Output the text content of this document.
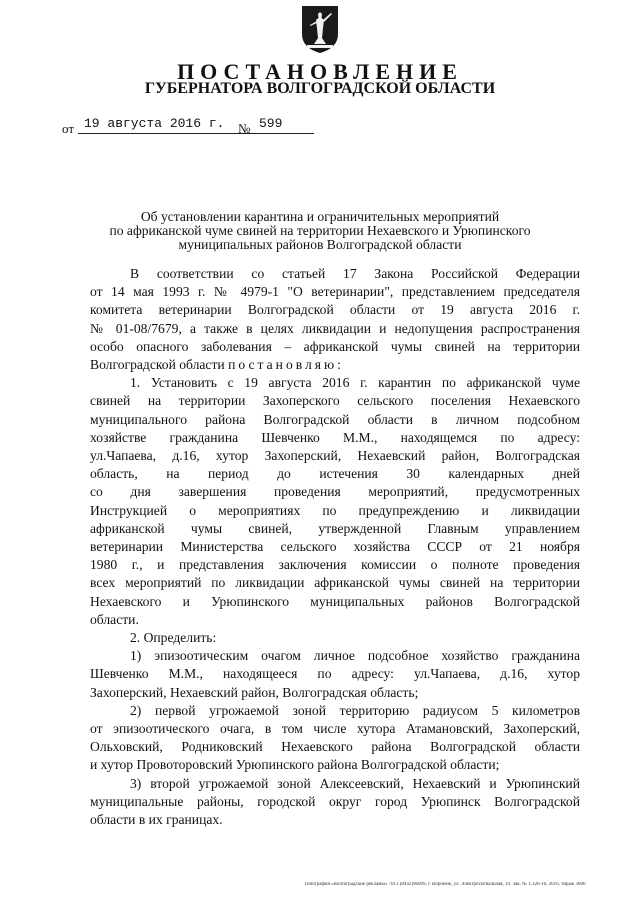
ПОСТАНОВЛЕНИЕ
ГУБЕРНАТОРА ВОЛГОГРАДСКОЙ ОБЛАСТИ
от 19 августа 2016 г. № 599
Об установлении карантина и ограничительных мероприятий
по африканской чуме свиней на территории Нехаевского и Урюпинского
муниципальных районов Волгоградской области
В соответствии со статьей 17 Закона Российской Федерации
от 14 мая 1993 г. № 4979-1 "О ветеринарии", представлением председателя
комитета ветеринарии Волгоградской области от 19 августа 2016 г.
№ 01-08/7679, а также в целях ликвидации и недопущения распространения
особо опасного заболевания – африканской чумы свиней на территории
Волгоградской области постановляю:
1. Установить с 19 августа 2016 г. карантин по африканской чуме
свиней на территории Захоперского сельского поселения Нехаевского
муниципального района Волгоградской области в личном подсобном
хозяйстве гражданина Шевченко М.М., находящемся по адресу:
ул.Чапаева, д.16, хутор Захоперский, Нехаевский район, Волгоградская
область, на период до истечения 30 календарных дней
со дня завершения проведения мероприятий, предусмотренных
Инструкцией о мероприятиях по предупреждению и ликвидации
африканской чумы свиней, утвержденной Главным управлением
ветеринарии Министерства сельского хозяйства СССР от 21 ноября
1980 г., и представления заключения комиссии о полноте проведения
всех мероприятий по ликвидации африканской чумы свиней на территории
Нехаевского и Урюпинского муниципальных районов Волгоградской
области.
2. Определить:
1) эпизоотическим очагом личное подсобное хозяйство гражданина
Шевченко М.М., находящееся по адресу: ул.Чапаева, д.16, хутор
Захоперский, Нехаевский район, Волгоградская область;
2) первой угрожаемой зоной территорию радиусом 5 километров
от эпизоотического очага, в том числе хутора Атамановский, Захоперский,
Ольховский, Родниковский Нехаевского района Волгоградской области
и хутор Провоторовский Урюпинского района Волгоградской области;
3) второй угрожаемой зоной Алексеевский, Нехаевский и Урюпинский
муниципальные районы, городской округ город Урюпинск Волгоградской
области в их границах.
Типография «Волгоградские рекламы» 7013 (8442)96099, г. Воронеж, ул. Электросигнальная, 19. Зак. № Т.326-16, 2016, тираж 3000
